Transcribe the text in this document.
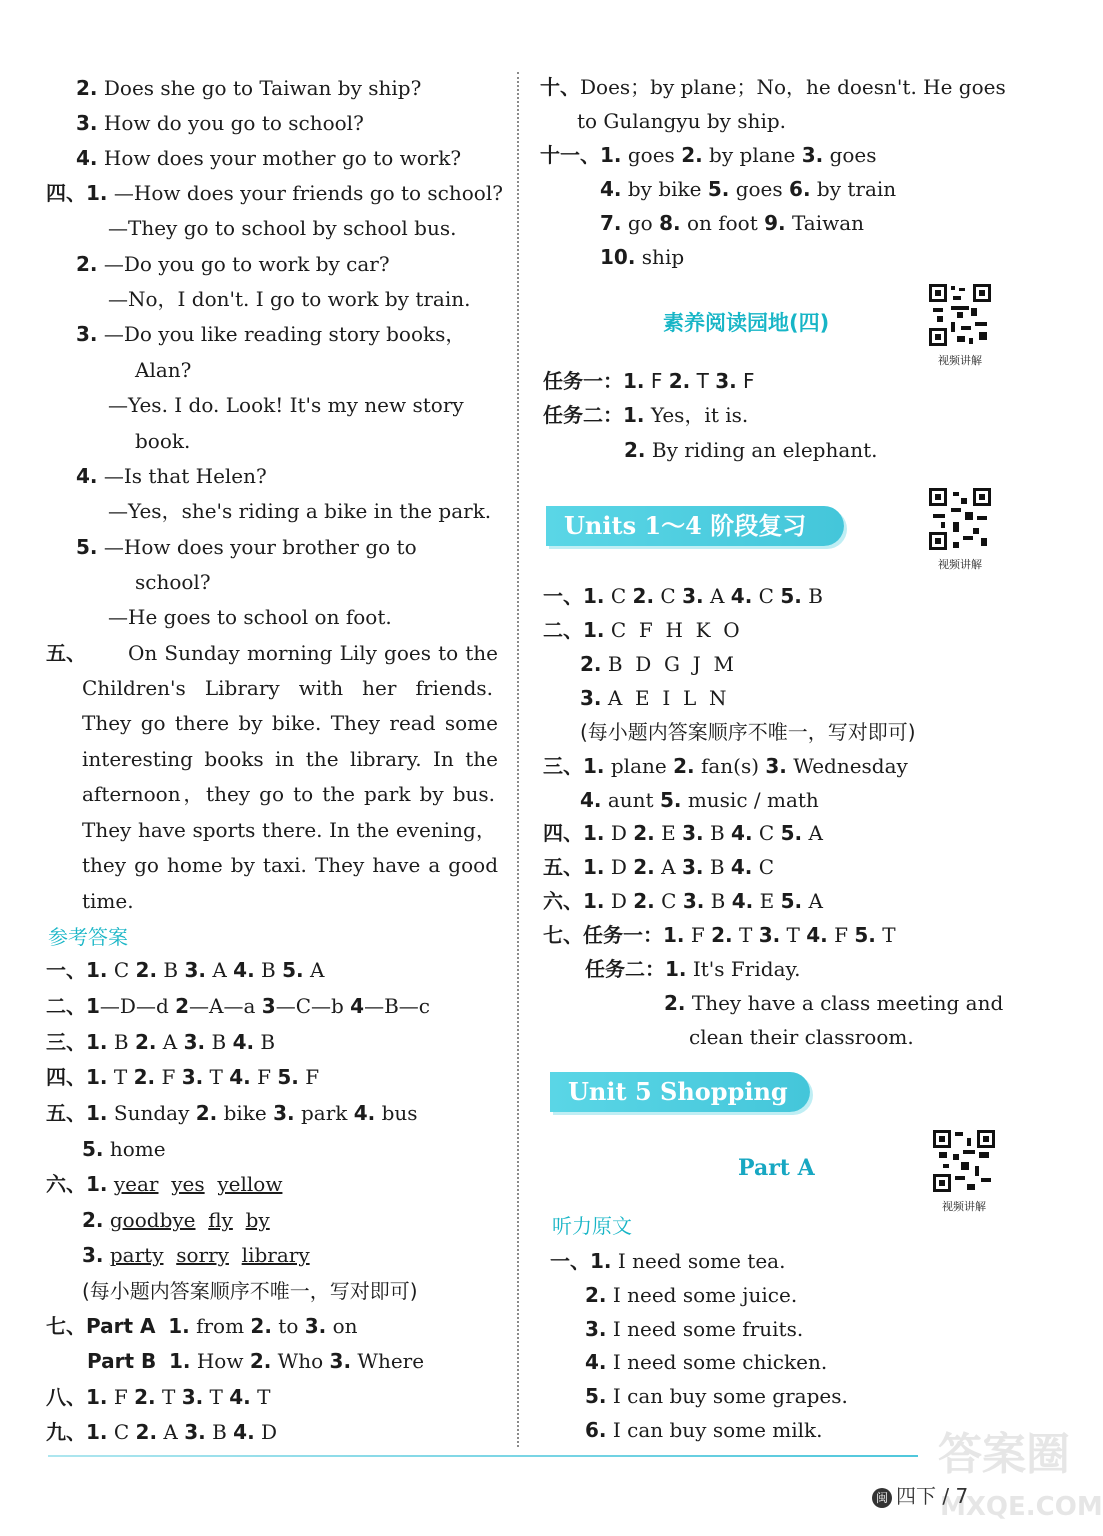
2. Does she go to Taiwan by ship?
3. How do you go to school?
4. How does your mother go to work?
四、1. —How does your friends go to school?
—They go to school by school bus.
2. —Do you go to work by car?
—No，I don't. I go to work by train.
3. —Do you like reading story books，
Alan?
—Yes. I do. Look! It's my new story
book.
4. —Is that Helen?
—Yes，she's riding a bike in the park.
5. —How does your brother go to
school?
—He goes to school on foot.
五、 On Sunday morning Lily goes to the
Children's Library with her friends.
They go there by bike. They read some
interesting books in the library. In the
afternoon，they go to the park by bus.
They have sports there. In the evening，
they go home by taxi. They have a good
time.
参考答案
一、1. C 2. B 3. A 4. B 5. A
二、1—D—d 2—A—a 3—C—b 4—B—c
三、1. B 2. A 3. B 4. B
四、1. T 2. F 3. T 4. F 5. F
五、1. Sunday 2. bike 3. park 4. bus
5. home
六、1. year yes yellow
2. goodbye fly by
3. party sorry library
(每小题内答案顺序不唯一，写对即可)
七、Part A 1. from 2. to 3. on
Part B 1. How 2. Who 3. Where
八、1. F 2. T 3. T 4. T
九、1. C 2. A 3. B 4. D
十、Does；by plane；No，he doesn't. He goes
to Gulangyu by ship.
十一、1. goes 2. by plane 3. goes
4. by bike 5. goes 6. by train
7. go 8. on foot 9. Taiwan
10. ship
素养阅读园地(四)
视频讲解
任务一：1. F 2. T 3. F
任务二：1. Yes，it is.
2. By riding an elephant.
Units 1～4 阶段复习
视频讲解
一、1. C 2. C 3. A 4. C 5. B
二、1. C  F  H  K  O
2. B  D  G  J  M
3. A  E  I  L  N
(每小题内答案顺序不唯一，写对即可)
三、1. plane 2. fan(s) 3. Wednesday
4. aunt 5. music / math
四、1. D 2. E 3. B 4. C 5. A
五、1. D 2. A 3. B 4. C
六、1. D 2. C 3. B 4. E 5. A
七、任务一：1. F 2. T 3. T 4. F 5. T
任务二：1. It's Friday.
2. They have a class meeting and
clean their classroom.
Unit 5 Shopping
Part A
视频讲解
听力原文
一、1. I need some tea.
2. I need some juice.
3. I need some fruits.
4. I need some chicken.
5. I can buy some grapes.
6. I can buy some milk.	答案圈
MXQE.COM
闽 四下 / 7
